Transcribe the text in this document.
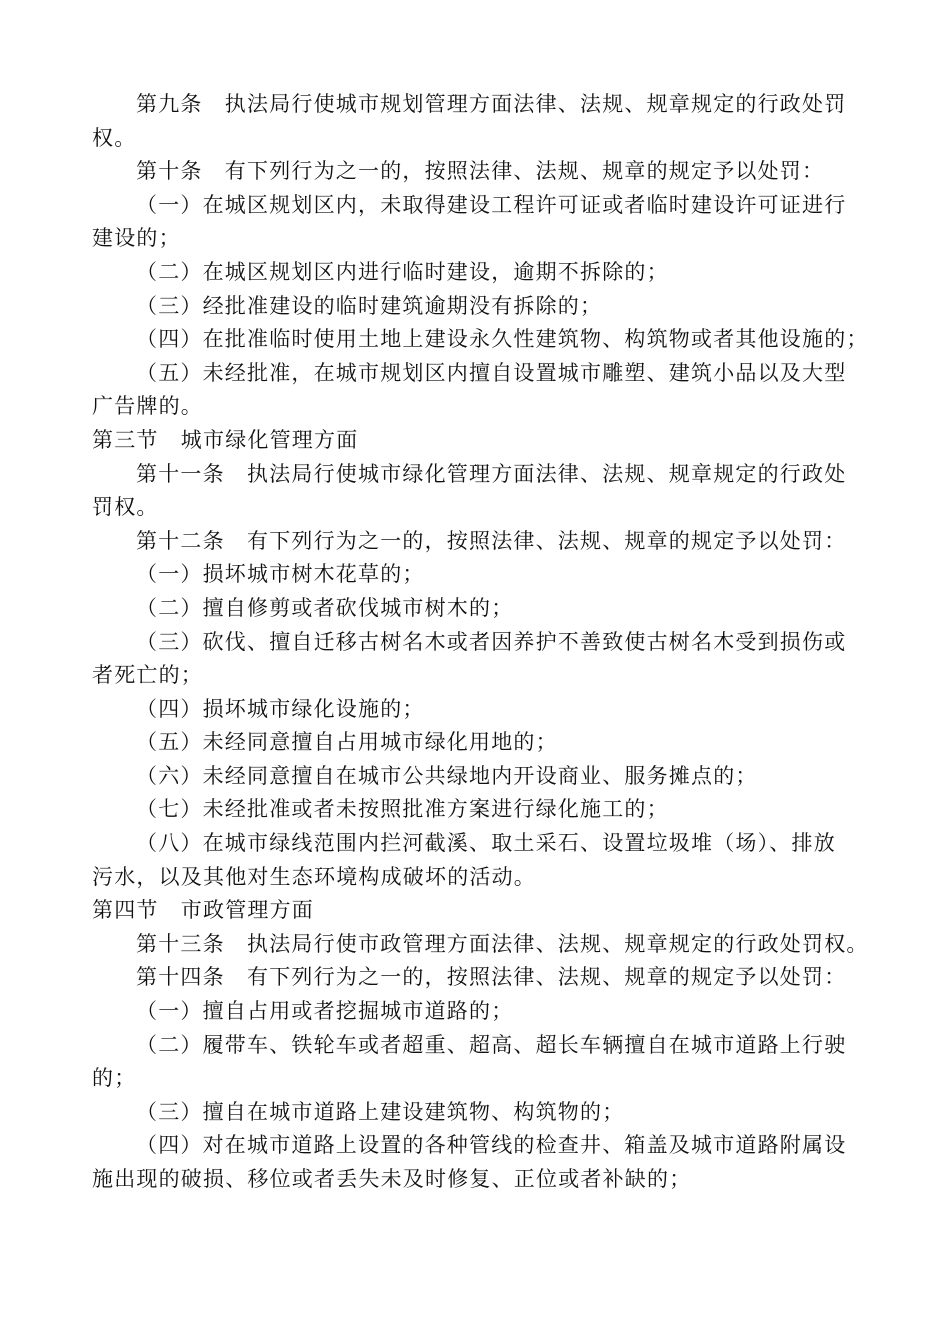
第九条　执法局行使城市规划管理方面法律、法规、规章规定的行政处罚
权。
第十条　有下列行为之一的，按照法律、法规、规章的规定予以处罚：
（一）在城区规划区内，未取得建设工程许可证或者临时建设许可证进行
建设的；
（二）在城区规划区内进行临时建设，逾期不拆除的；
（三）经批准建设的临时建筑逾期没有拆除的；
（四）在批准临时使用土地上建设永久性建筑物、构筑物或者其他设施的；
（五）未经批准，在城市规划区内擅自设置城市雕塑、建筑小品以及大型
广告牌的。
第三节　城市绿化管理方面
第十一条　执法局行使城市绿化管理方面法律、法规、规章规定的行政处
罚权。
第十二条　有下列行为之一的，按照法律、法规、规章的规定予以处罚：
（一）损坏城市树木花草的；
（二）擅自修剪或者砍伐城市树木的；
（三）砍伐、擅自迁移古树名木或者因养护不善致使古树名木受到损伤或
者死亡的；
（四）损坏城市绿化设施的；
（五）未经同意擅自占用城市绿化用地的；
（六）未经同意擅自在城市公共绿地内开设商业、服务摊点的；
（七）未经批准或者未按照批准方案进行绿化施工的；
（八）在城市绿线范围内拦河截溪、取土采石、设置垃圾堆（场）、排放
污水，以及其他对生态环境构成破坏的活动。
第四节　市政管理方面
第十三条　执法局行使市政管理方面法律、法规、规章规定的行政处罚权。
第十四条　有下列行为之一的，按照法律、法规、规章的规定予以处罚：
（一）擅自占用或者挖掘城市道路的；
（二）履带车、铁轮车或者超重、超高、超长车辆擅自在城市道路上行驶
的；
（三）擅自在城市道路上建设建筑物、构筑物的；
（四）对在城市道路上设置的各种管线的检查井、箱盖及城市道路附属设
施出现的破损、移位或者丢失未及时修复、正位或者补缺的；
